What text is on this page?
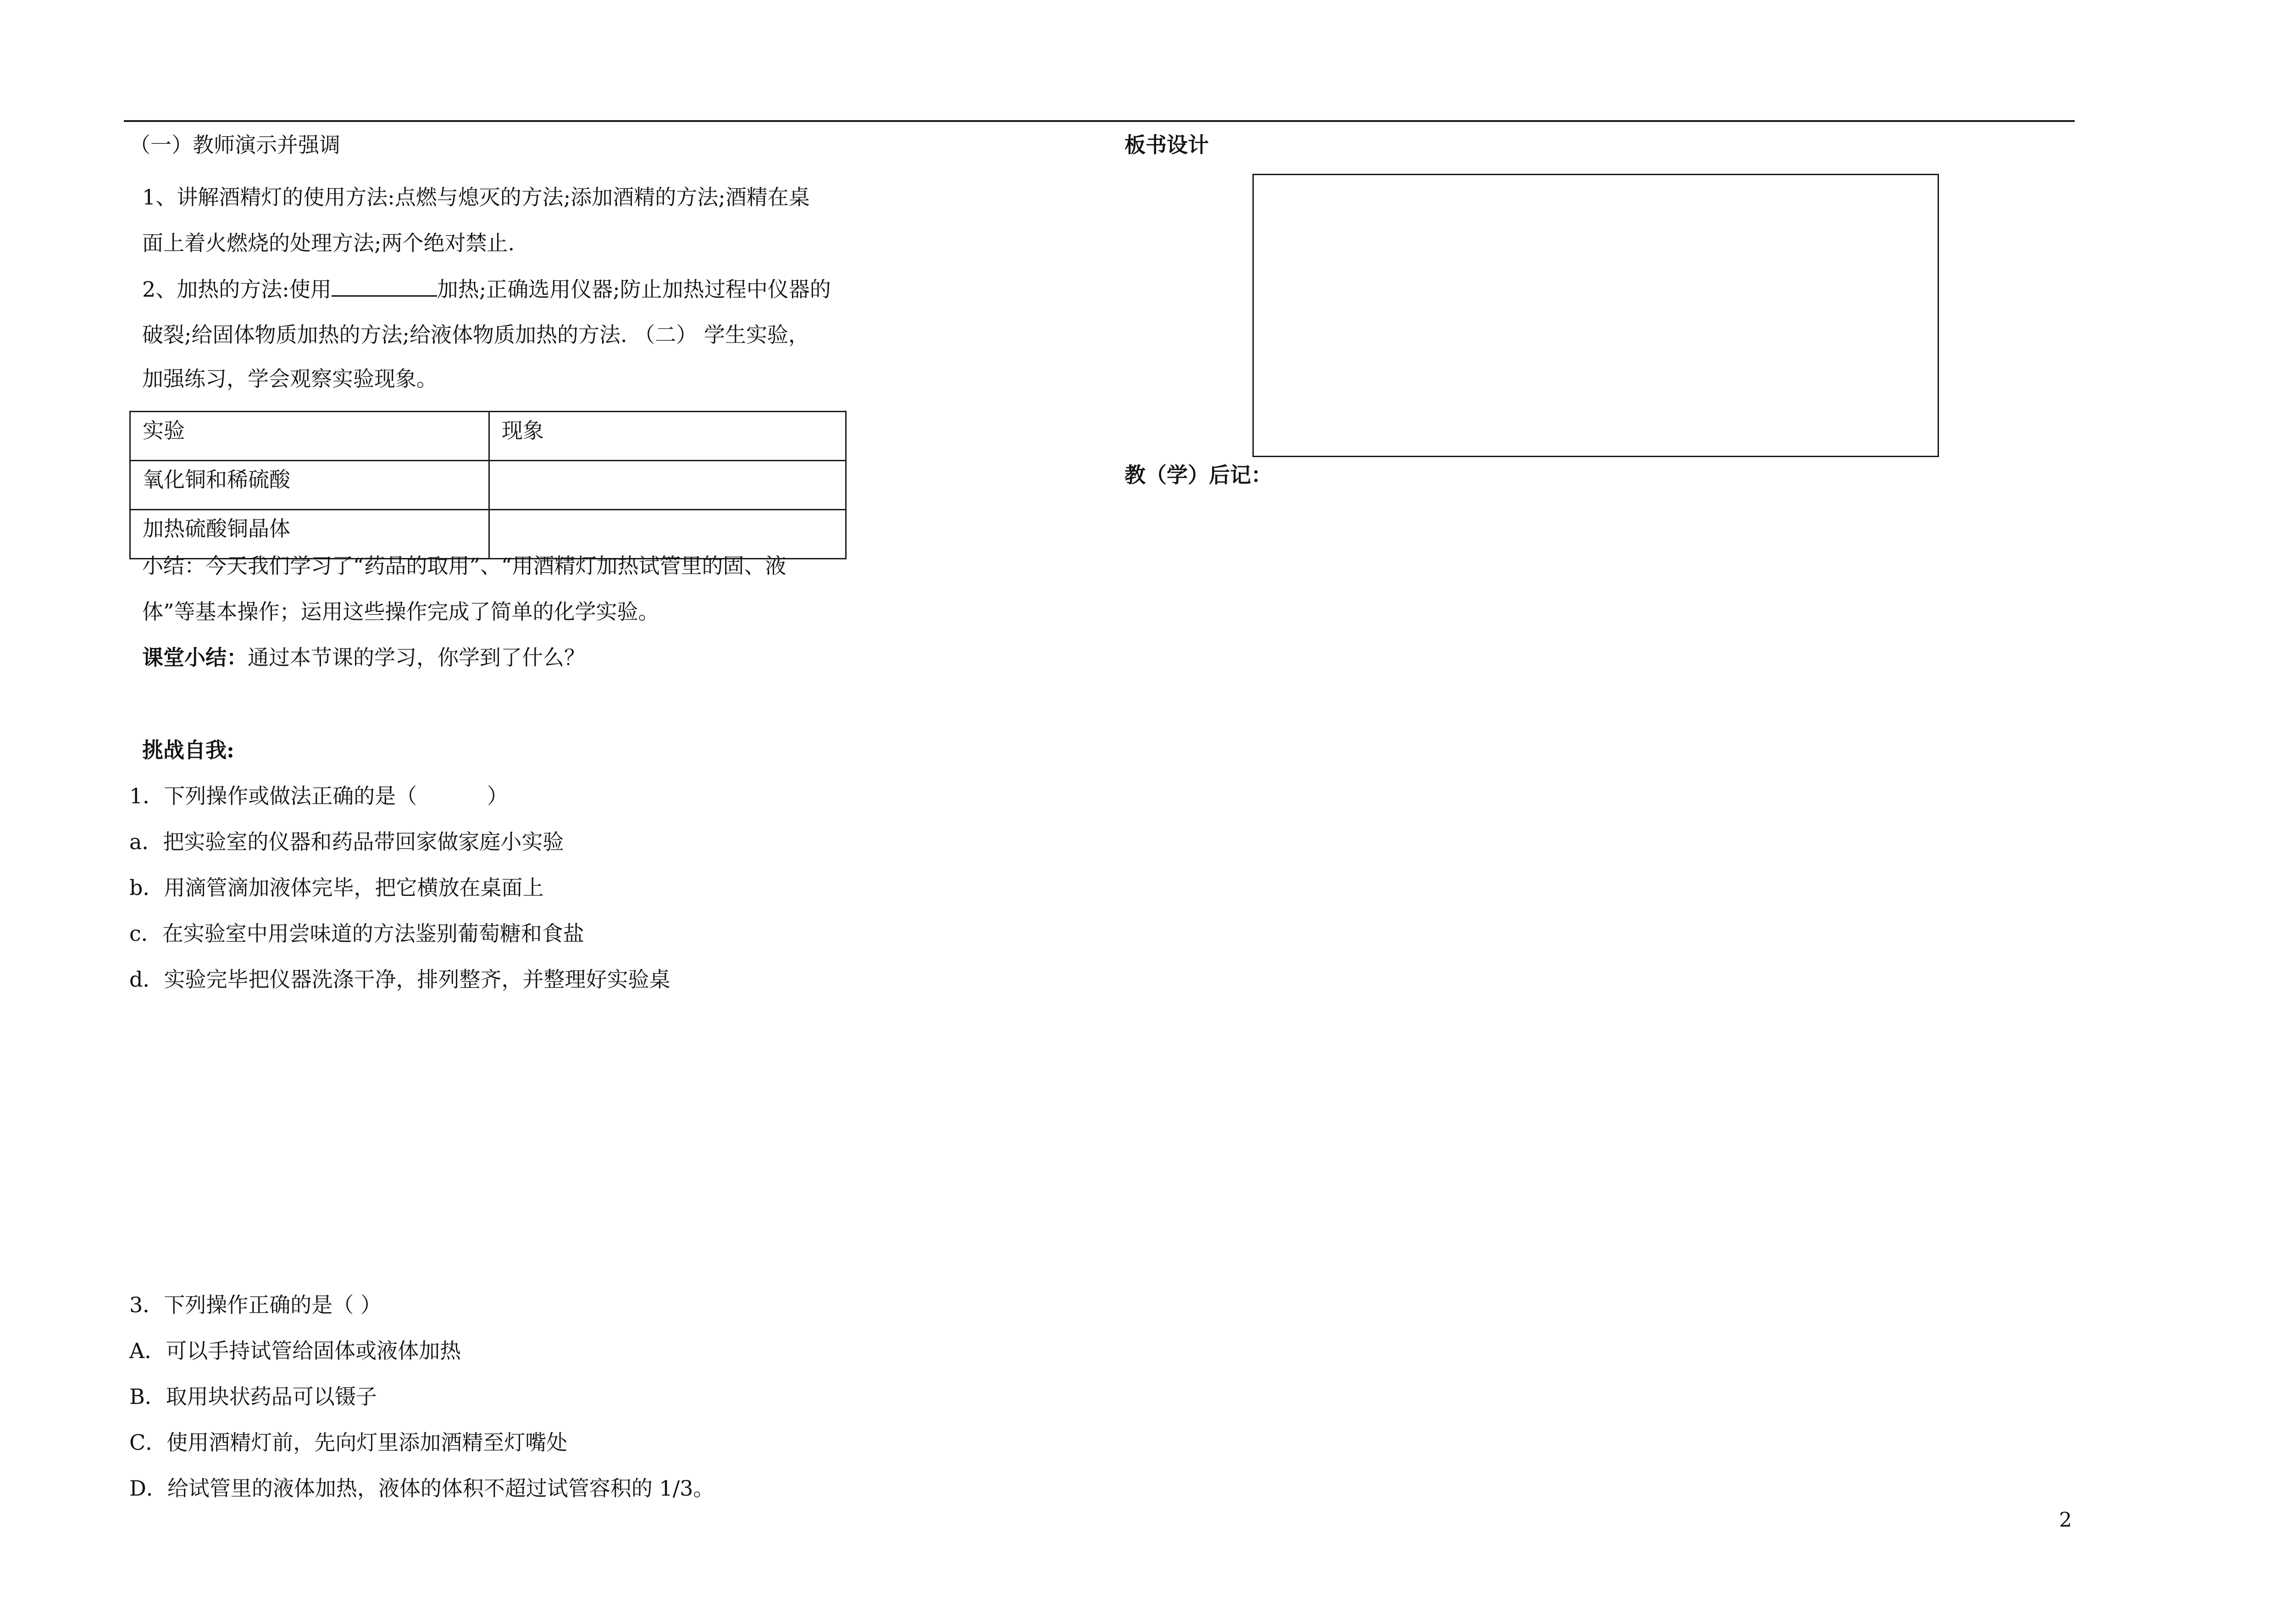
（一）教师演示并强调
1、讲解酒精灯的使用方法:点燃与熄灭的方法;添加酒精的方法;酒精在桌
面上着火燃烧的处理方法;两个绝对禁止.
2、加热的方法:使用	加热;正确选用仪器;防止加热过程中仪器的
破裂;给固体物质加热的方法;给液体物质加热的方法. （二） 学生实验，
加强练习，学会观察实验现象。
实验	现象
氧化铜和稀硫酸	
加热硫酸铜晶体	
小结：今天我们学习了“药品的取用”、“用酒精灯加热试管里的固、液
体”等基本操作；运用这些操作完成了简单的化学实验。
课堂小结：通过本节课的学习，你学到了什么？
挑战自我:
1．下列操作或做法正确的是（　　　 ）
a．把实验室的仪器和药品带回家做家庭小实验
b．用滴管滴加液体完毕，把它横放在桌面上
c．在实验室中用尝味道的方法鉴别葡萄糖和食盐
d．实验完毕把仪器洗涤干净，排列整齐，并整理好实验桌
3．下列操作正确的是（ ）
A．可以手持试管给固体或液体加热
B．取用块状药品可以镊子
C．使用酒精灯前，先向灯里添加酒精至灯嘴处
D．给试管里的液体加热，液体的体积不超过试管容积的 1/3。
板书设计
教（学）后记：
2
